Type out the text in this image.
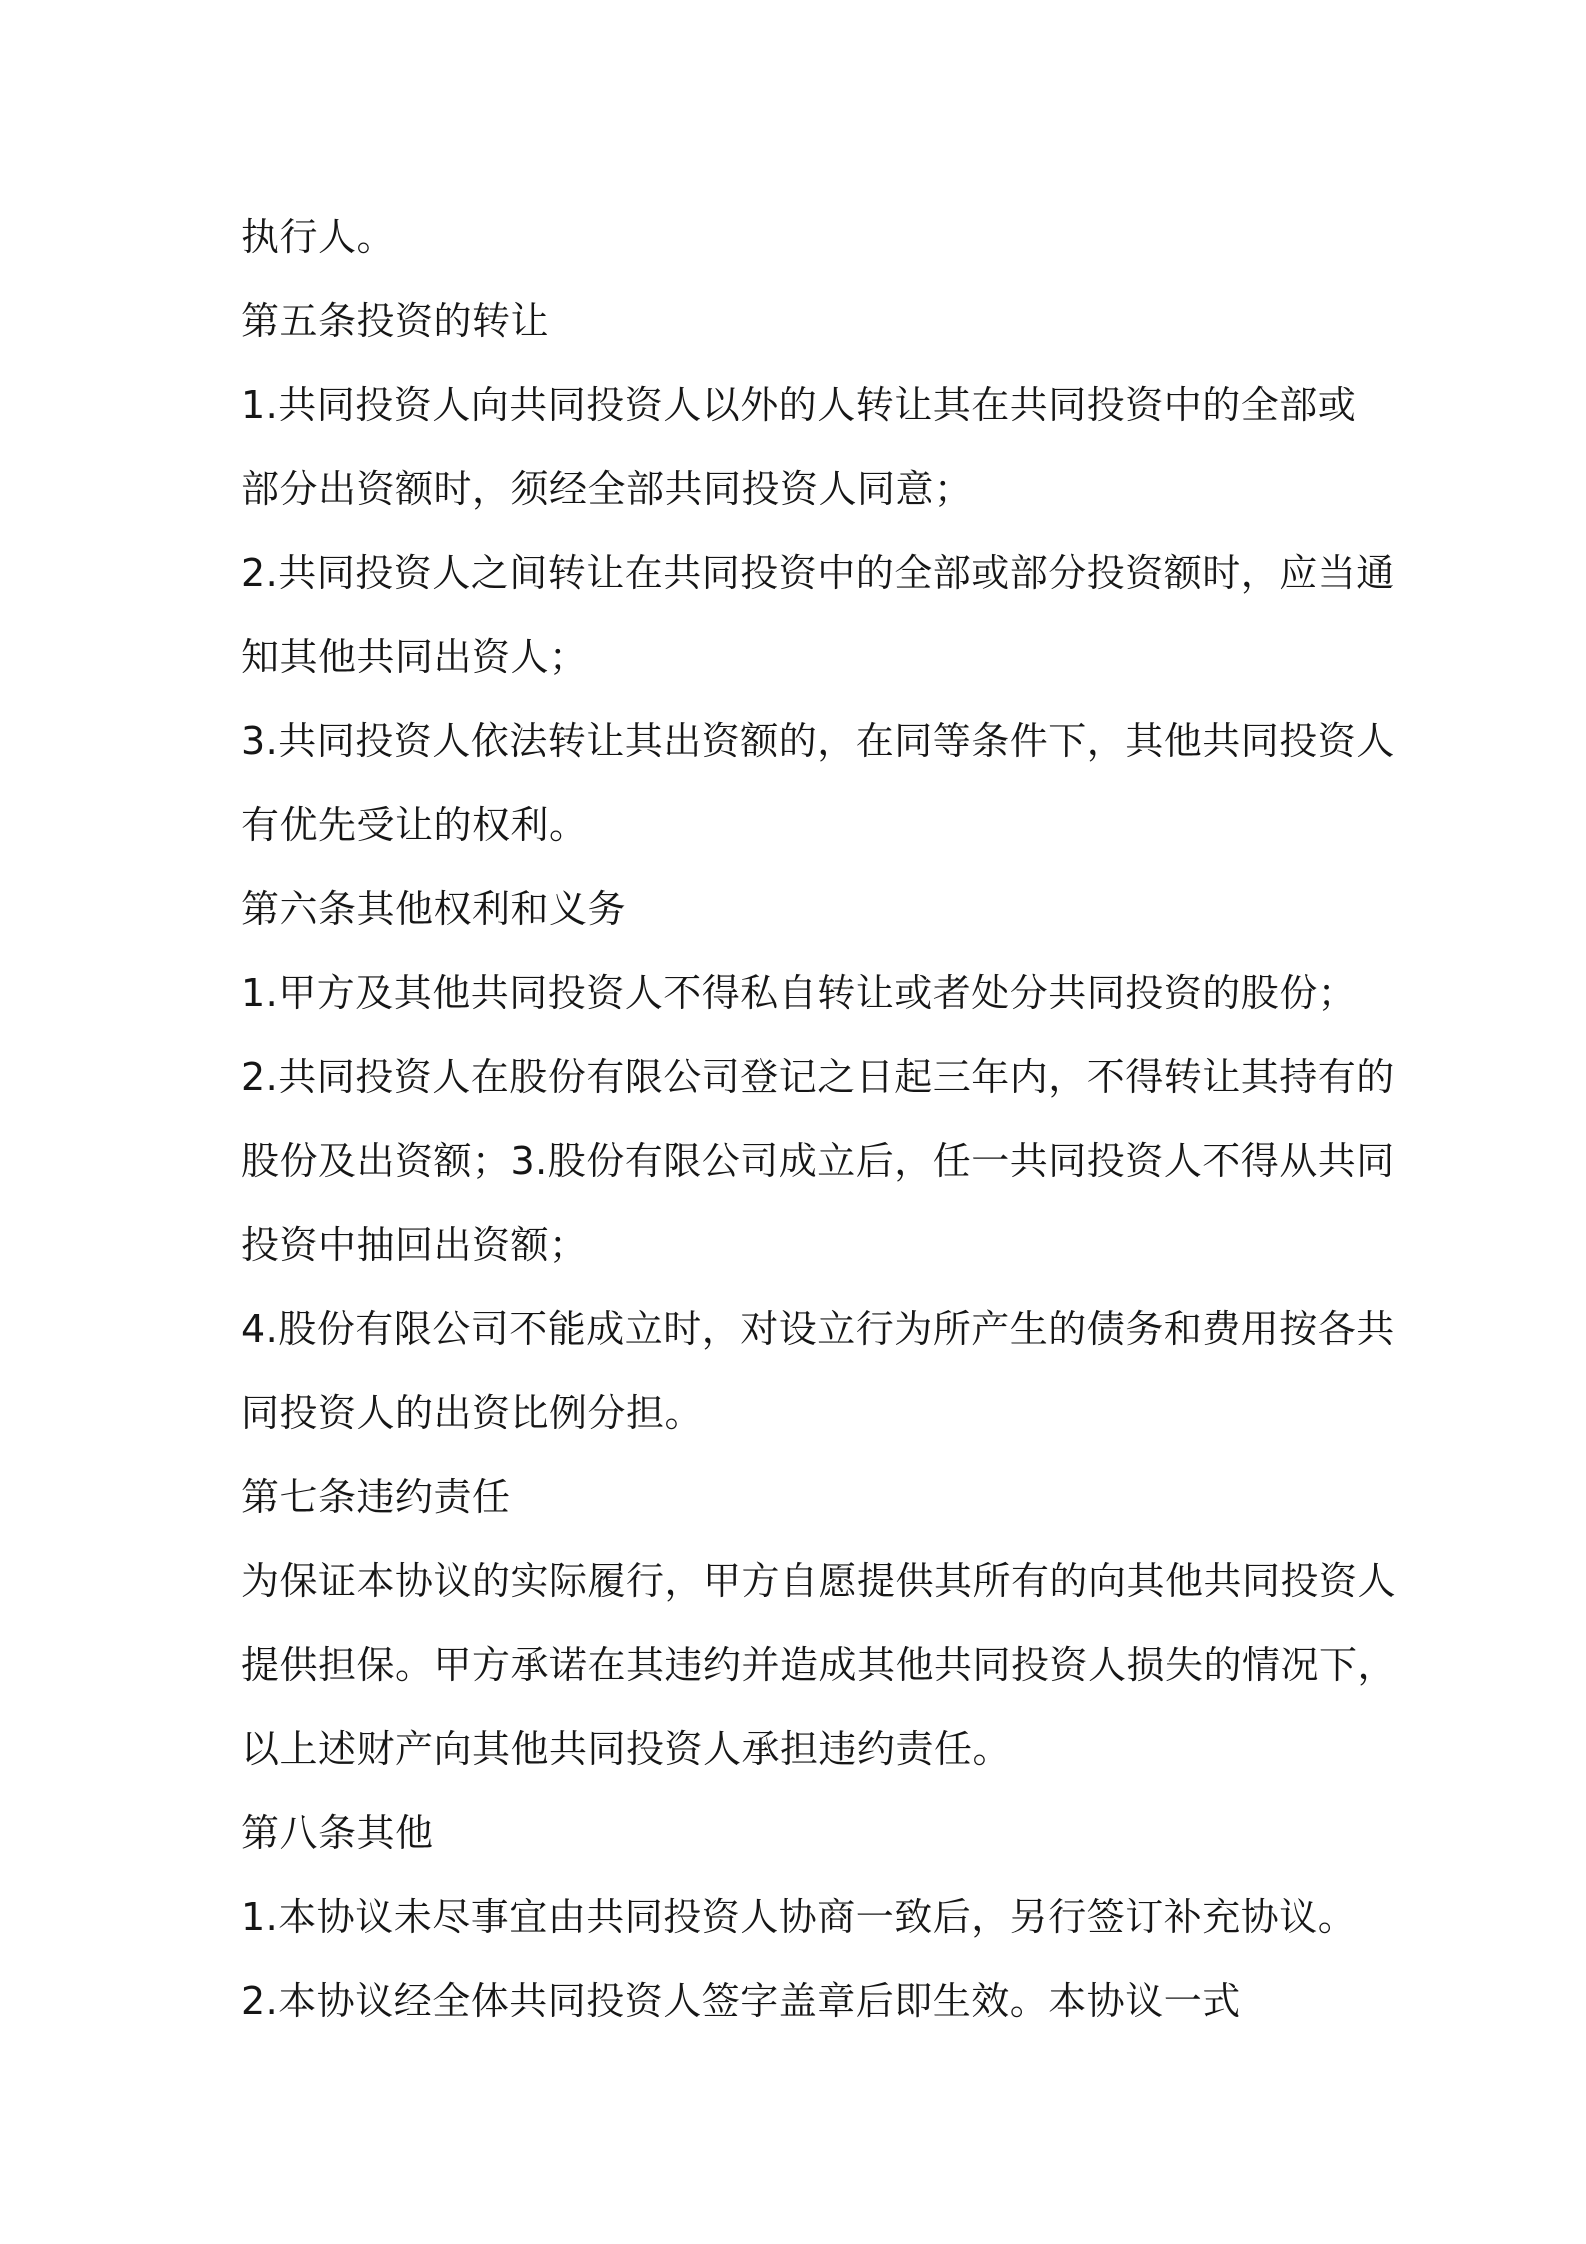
执行人。
第五条投资的转让
1.共同投资人向共同投资人以外的人转让其在共同投资中的全部或
部分出资额时，须经全部共同投资人同意；
2.共同投资人之间转让在共同投资中的全部或部分投资额时，应当通
知其他共同出资人；
3.共同投资人依法转让其出资额的，在同等条件下，其他共同投资人
有优先受让的权利。
第六条其他权利和义务
1.甲方及其他共同投资人不得私自转让或者处分共同投资的股份；
2.共同投资人在股份有限公司登记之日起三年内，不得转让其持有的
股份及出资额；3.股份有限公司成立后，任一共同投资人不得从共同
投资中抽回出资额；
4.股份有限公司不能成立时，对设立行为所产生的债务和费用按各共
同投资人的出资比例分担。
第七条违约责任
为保证本协议的实际履行，甲方自愿提供其所有的向其他共同投资人
提供担保。甲方承诺在其违约并造成其他共同投资人损失的情况下，
以上述财产向其他共同投资人承担违约责任。
第八条其他
1.本协议未尽事宜由共同投资人协商一致后，另行签订补充协议。
2.本协议经全体共同投资人签字盖章后即生效。本协议一式
